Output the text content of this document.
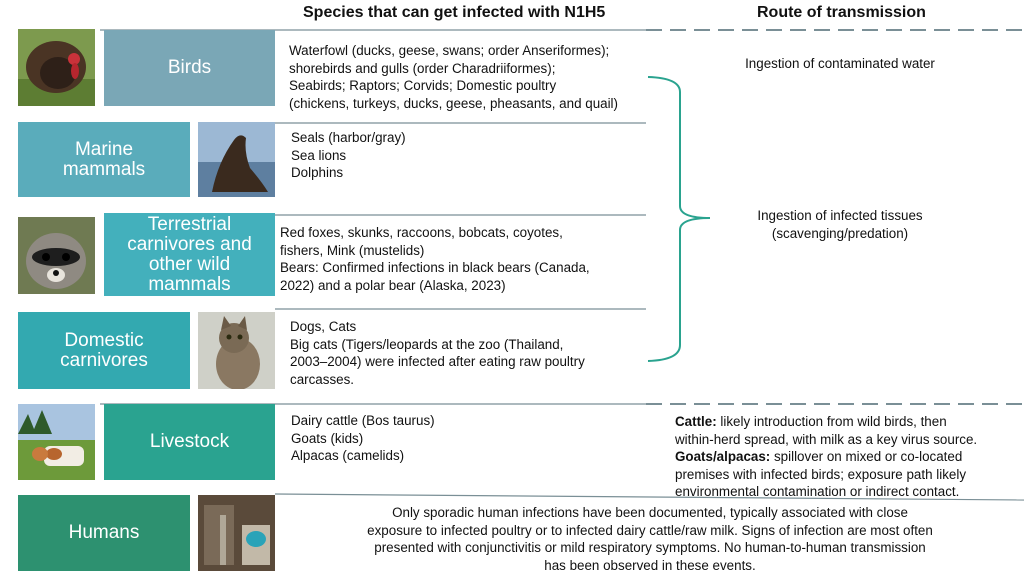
Species that can get infected with N1H5	Route of transmission
Birds
Waterfowl (ducks, geese, swans; order Anseriformes);
shorebirds and gulls (order Charadriiformes);
Seabirds; Raptors; Corvids; Domestic poultry
(chickens, turkeys, ducks, geese, pheasants, and quail)
Marine mammals
Seals (harbor/gray)
Sea lions
Dolphins
Terrestrial carnivores and other wild mammals
Red foxes, skunks, raccoons, bobcats, coyotes,
fishers, Mink (mustelids)
Bears: Confirmed infections in black bears (Canada,
2022) and a polar bear (Alaska, 2023)
Domestic carnivores
Dogs, Cats
Big cats (Tigers/leopards at the zoo (Thailand,
2003–2004) were infected after eating raw poultry
carcasses.
Livestock
Dairy cattle (Bos taurus)
Goats (kids)
Alpacas (camelids)
Humans
Ingestion of contaminated water
Ingestion of infected tissues
(scavenging/predation)
Cattle: likely introduction from wild birds, then
within-herd spread, with milk as a key virus source.
Goats/alpacas: spillover on mixed or co-located
premises with infected birds; exposure path likely
environmental contamination or indirect contact.
Only sporadic human infections have been documented, typically associated with close
exposure to infected poultry or to infected dairy cattle/raw milk. Signs of infection are most often
presented with conjunctivitis or mild respiratory symptoms. No human-to-human transmission
has been observed in these events.
